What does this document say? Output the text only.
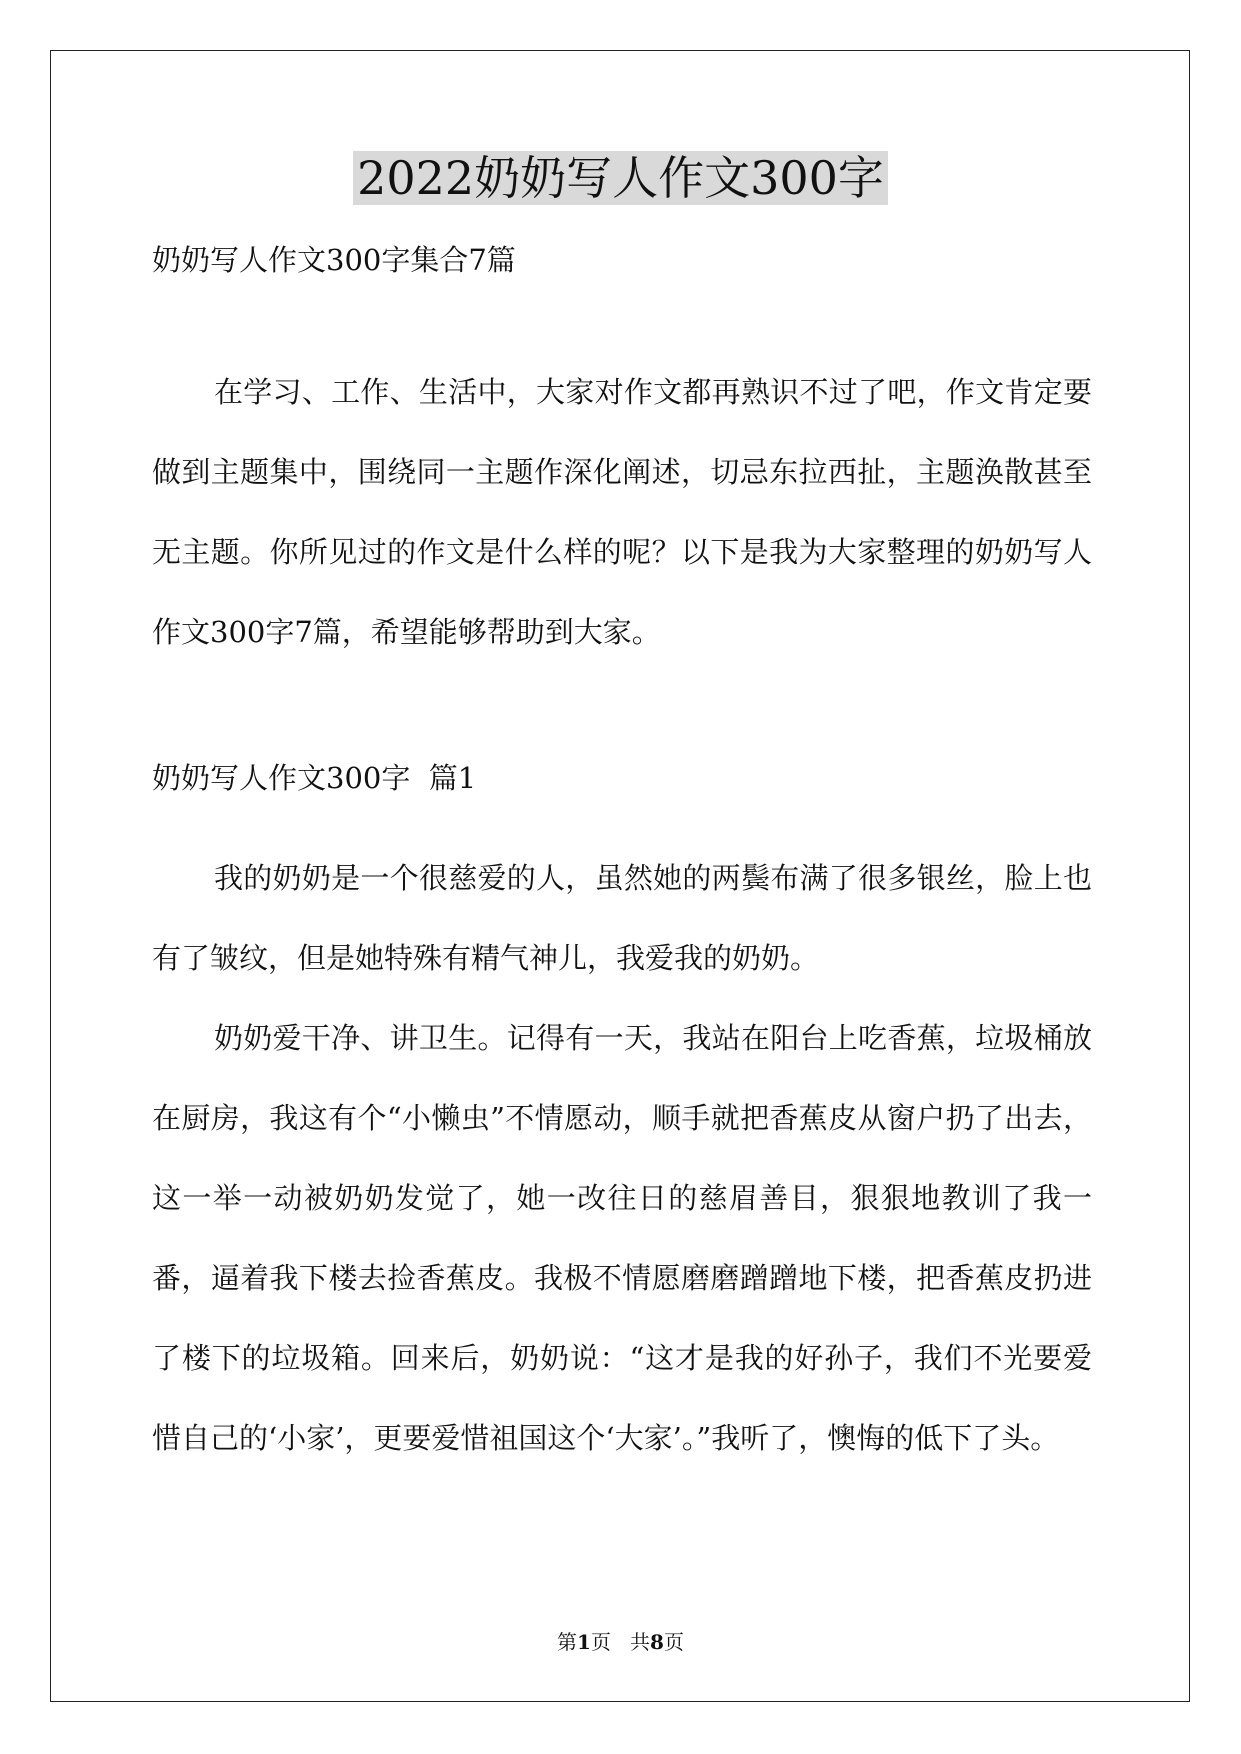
2022奶奶写人作文300字
奶奶写人作文300字集合7篇

在学习、工作、生活中，大家对作文都再熟识不过了吧，作文肯定要做到主题集中，围绕同一主题作深化阐述，切忌东拉西扯，主题涣散甚至无主题。你所见过的作文是什么样的呢？以下是我为大家整理的奶奶写人作文300字7篇，希望能够帮助到大家。

奶奶写人作文300字  篇1

我的奶奶是一个很慈爱的人，虽然她的两鬓布满了很多银丝，脸上也有了皱纹，但是她特殊有精气神儿，我爱我的奶奶。

奶奶爱干净、讲卫生。记得有一天，我站在阳台上吃香蕉，垃圾桶放在厨房，我这有个“小懒虫”不情愿动，顺手就把香蕉皮从窗户扔了出去，这一举一动被奶奶发觉了，她一改往日的慈眉善目，狠狠地教训了我一番，逼着我下楼去捡香蕉皮。我极不情愿磨磨蹭蹭地下楼，把香蕉皮扔进了楼下的垃圾箱。回来后，奶奶说：“这才是我的好孙子，我们不光要爱惜自己的‘小家’，更要爱惜祖国这个‘大家’。”我听了，懊悔的低下了头。

第1页   共8页
